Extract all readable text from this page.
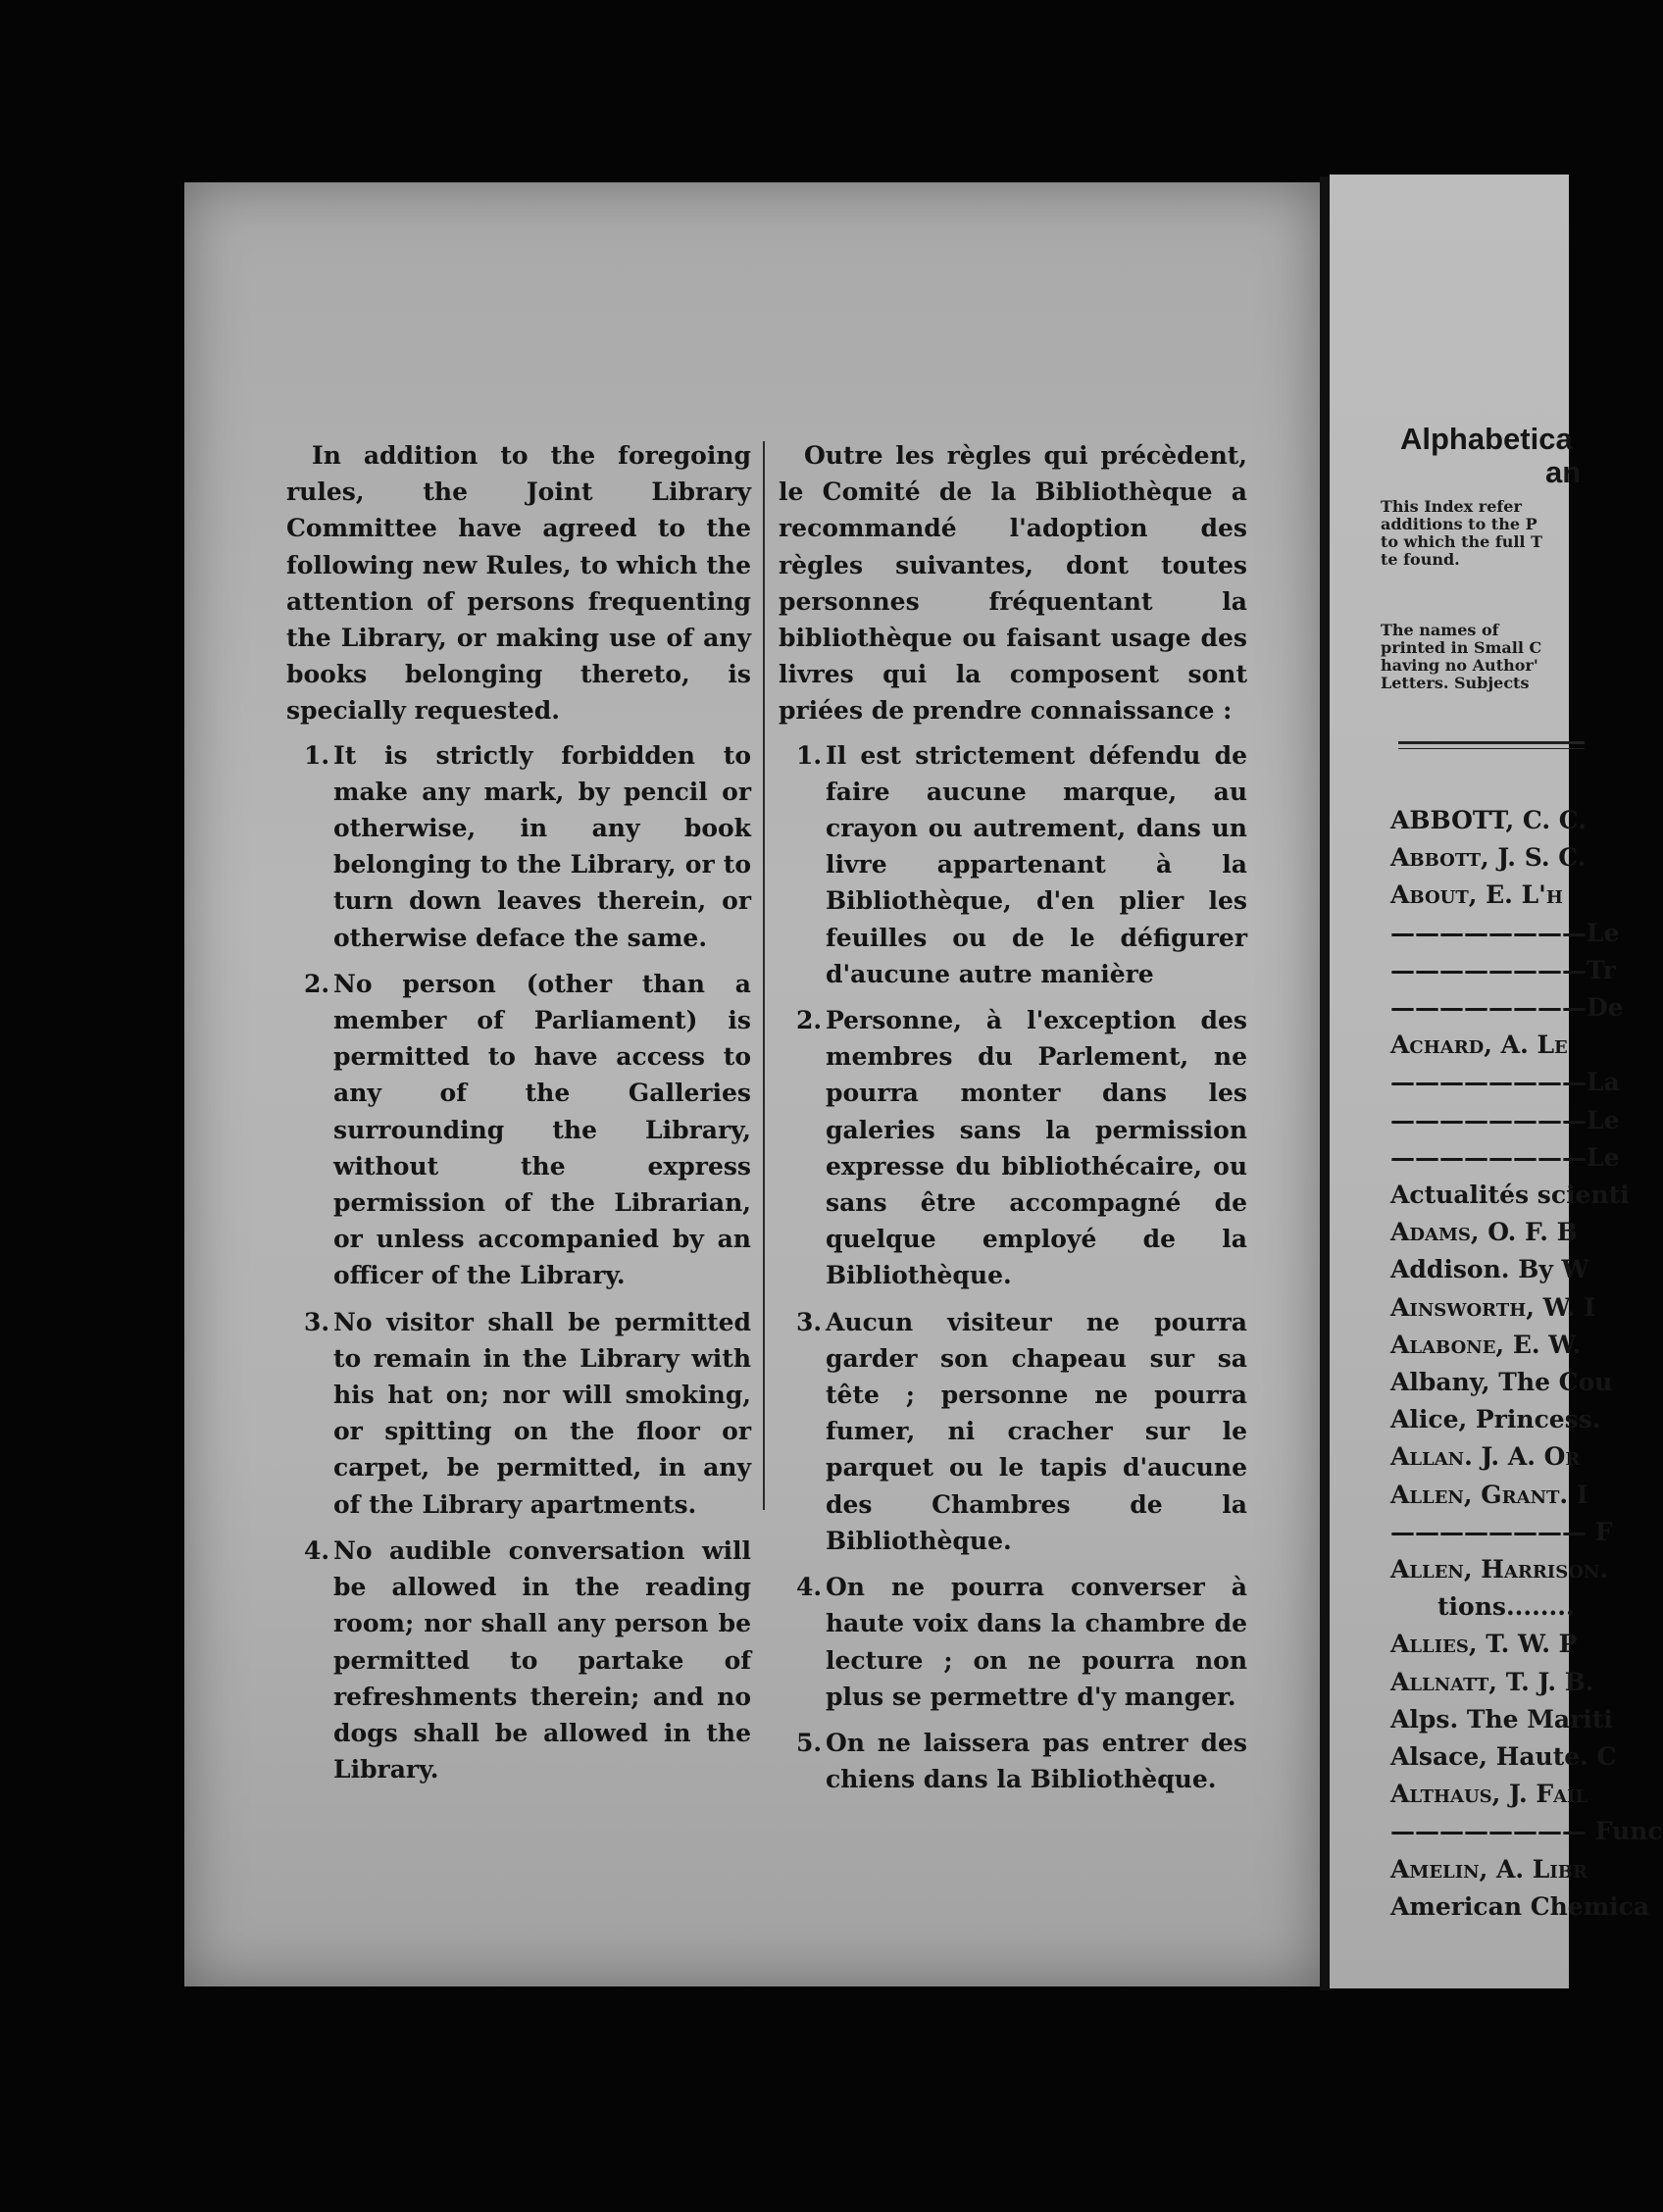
Alphabetica
an
This Index refer
additions to the P
to which the full T
te found.
The names of
printed in Small C
having no Author'
Letters. Subjects
ABBOTT, C. C.
Abbott, J. S. C.
About, E. L'h
————————Le
————————Tr
————————De
Achard, A. Le
————————La
————————Le
————————Le
Actualités scienti
Adams, O. F. B
Addison. By W
Ainsworth, W. I
Alabone, E. W.
Albany, The Cou
Alice, Princess.
Allan. J. A. Or
Allen, Grant. I
———————— F
Allen, Harrison.
tions........
Allies, T. W. P
Allnatt, T. J. B.
Alps. The Mariti
Alsace, Haute. C
Althaus, J. Fail
———————— Func
Amelin, A. Libr
American Chemica

In addition to the foregoing rules, the Joint Library Committee have agreed to the following new Rules, to which the attention of persons frequenting the Library, or making use of any books belonging thereto, is specially requested.

1. It is strictly forbidden to make any mark, by pencil or otherwise, in any book belonging to the Library, or to turn down leaves therein, or otherwise deface the same.
2. No person (other than a member of Parliament) is permitted to have access to any of the Galleries surrounding the Library, without the express permission of the Librarian, or unless accompanied by an officer of the Library.
3. No visitor shall be permitted to remain in the Library with his hat on; nor will smoking, or spitting on the floor or carpet, be permitted, in any of the Library apartments.
4. No audible conversation will be allowed in the reading room; nor shall any person be permitted to partake of refreshments therein; and no dogs shall be allowed in the Library.

Outre les règles qui précèdent, le Comité de la Bibliothèque a recommandé l'adoption des règles suivantes, dont toutes personnes fréquentant la bibliothèque ou faisant usage des livres qui la composent sont priées de prendre connaissance :

1. Il est strictement défendu de faire aucune marque, au crayon ou autrement, dans un livre appartenant à la Bibliothèque, d'en plier les feuilles ou de le défigurer d'aucune autre manière
2. Personne, à l'exception des membres du Parlement, ne pourra monter dans les galeries sans la permission expresse du bibliothécaire, ou sans être accompagné de quelque employé de la Bibliothèque.
3. Aucun visiteur ne pourra garder son chapeau sur sa tête ; personne ne pourra fumer, ni cracher sur le parquet ou le tapis d'aucune des Chambres de la Bibliothèque.
4. On ne pourra converser à haute voix dans la chambre de lecture ; on ne pourra non plus se permettre d'y manger.
5. On ne laissera pas entrer des chiens dans la Bibliothèque.
